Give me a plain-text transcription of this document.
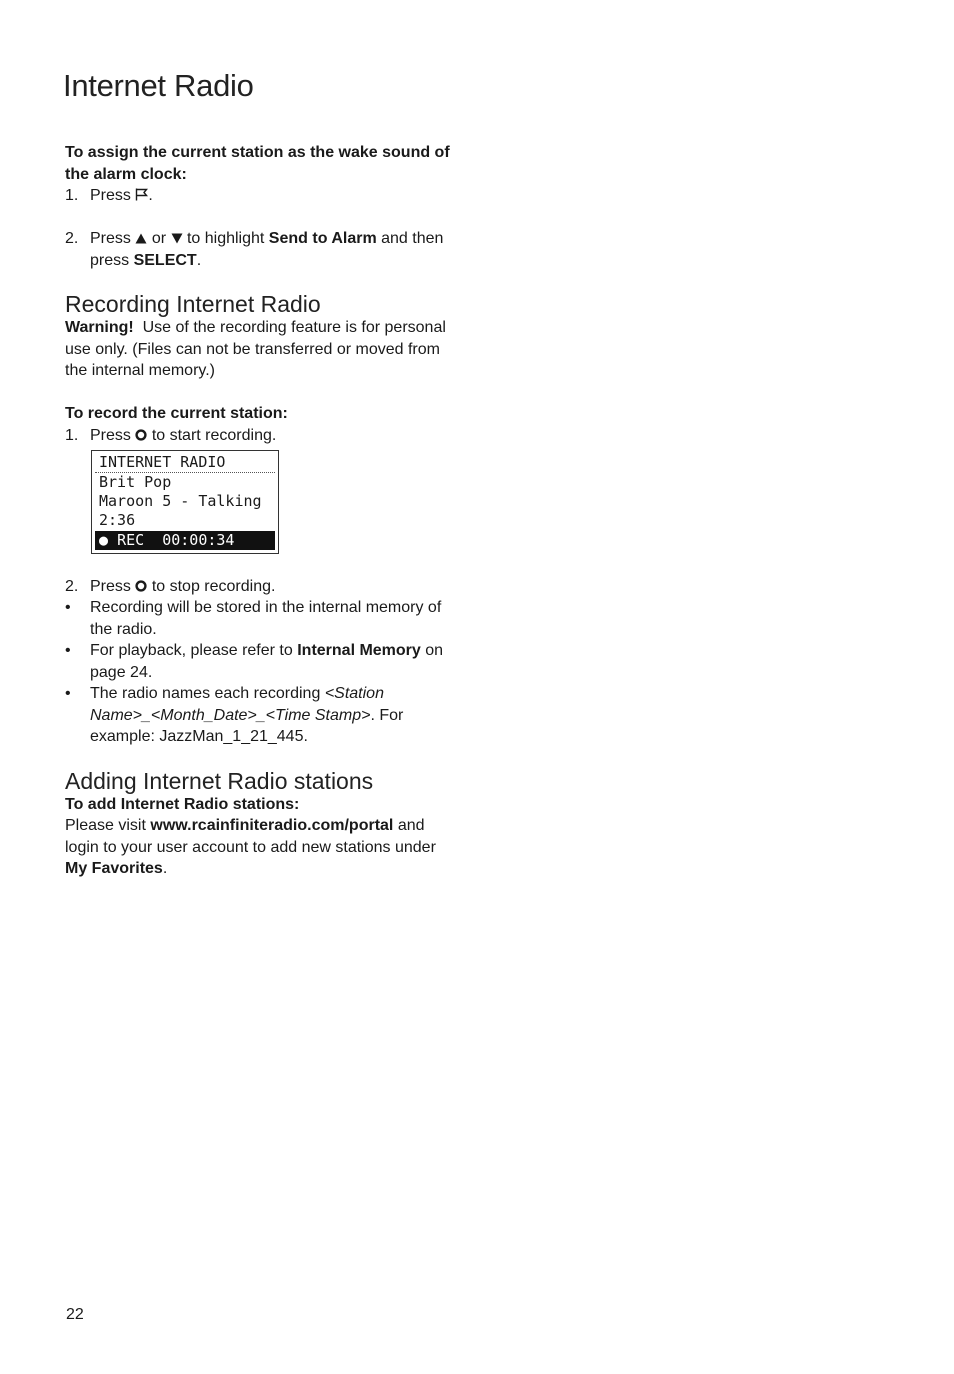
Internet Radio

To assign the current station as the wake sound of the alarm clock:

1. Press .
2. Press or to highlight Send to Alarm and then press SELECT.
Recording Internet Radio

Warning! Use of the recording feature is for personal use only. (Files can not be transferred or moved from the internal memory.)

To record the current station:

1. Press to start recording.
INTERNET RADIO
Brit Pop
Maroon 5 - Talking
2:36
● REC 00:00:34
2. Press to stop recording.
• Recording will be stored in the internal memory of the radio.
• For playback, please refer to Internal Memory on page 24.
• The radio names each recording <Station Name>_<Month_Date>_<Time Stamp>. For example: JazzMan_1_21_445.
Adding Internet Radio stations

To add Internet Radio stations:

Please visit www.rcainfiniteradio.com/portal and login to your user account to add new stations under My Favorites.

22
